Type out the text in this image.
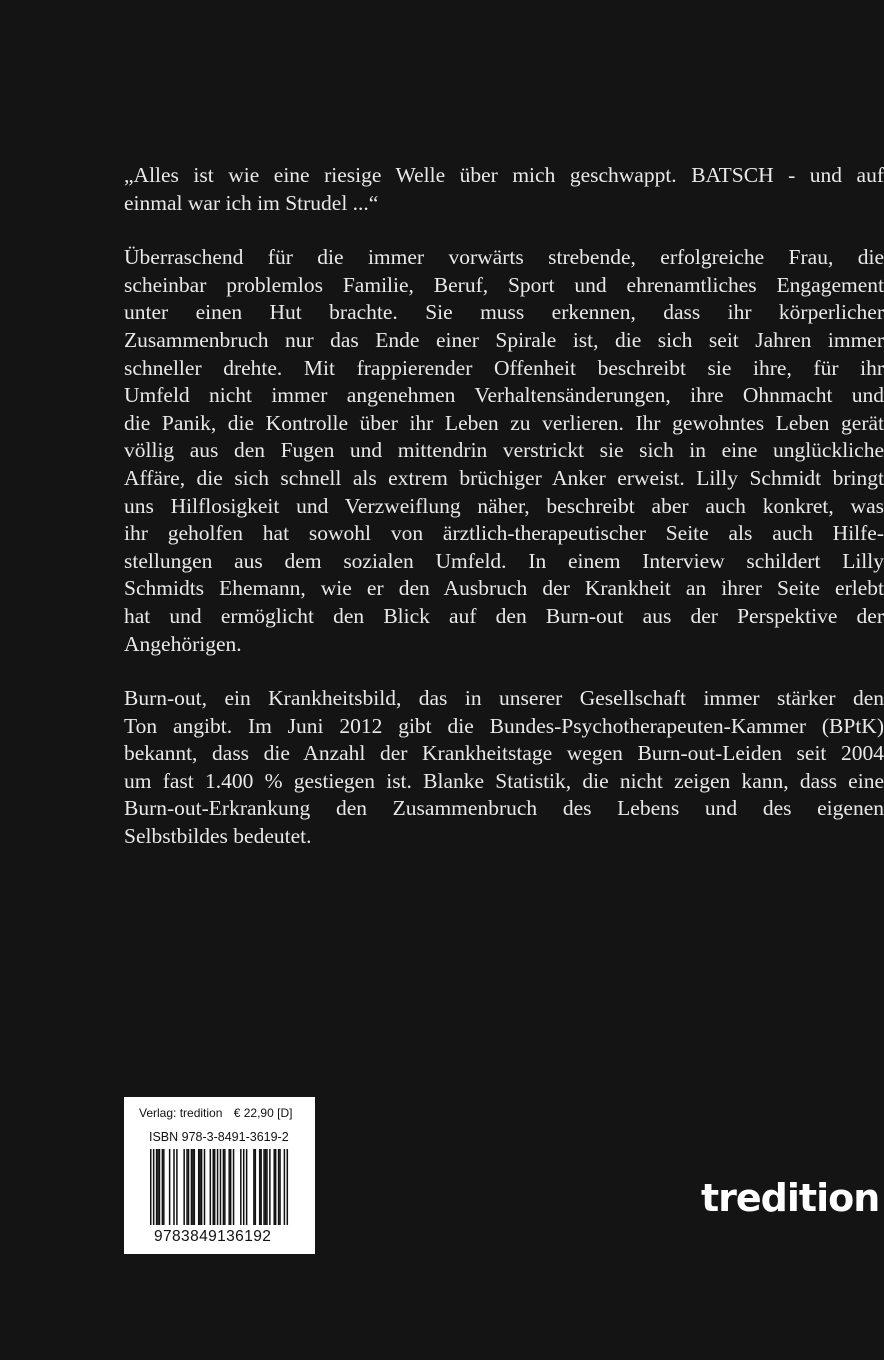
„Alles ist wie eine riesige Welle über mich geschwappt. BATSCH - und auf

einmal war ich im Strudel ...“

Überraschend für die immer vorwärts strebende, erfolgreiche Frau, die

scheinbar problemlos Familie, Beruf, Sport und ehrenamtliches Engagement

unter einen Hut brachte. Sie muss erkennen, dass ihr körperlicher

Zusammenbruch nur das Ende einer Spirale ist, die sich seit Jahren immer

schneller drehte. Mit frappierender Offenheit beschreibt sie ihre, für ihr

Umfeld nicht immer angenehmen Verhaltensänderungen, ihre Ohnmacht und

die Panik, die Kontrolle über ihr Leben zu verlieren. Ihr gewohntes Leben gerät

völlig aus den Fugen und mittendrin verstrickt sie sich in eine unglückliche

Affäre, die sich schnell als extrem brüchiger Anker erweist. Lilly Schmidt bringt

uns Hilflosigkeit und Verzweiflung näher, beschreibt aber auch konkret, was

ihr geholfen hat sowohl von ärztlich-therapeutischer Seite als auch Hilfe-

stellungen aus dem sozialen Umfeld. In einem Interview schildert Lilly

Schmidts Ehemann, wie er den Ausbruch der Krankheit an ihrer Seite erlebt

hat und ermöglicht den Blick auf den Burn-out aus der Perspektive der

Angehörigen.

Burn-out, ein Krankheitsbild, das in unserer Gesellschaft immer stärker den

Ton angibt. Im Juni 2012 gibt die Bundes-Psychotherapeuten-Kammer (BPtK)

bekannt, dass die Anzahl der Krankheitstage wegen Burn-out-Leiden seit 2004

um fast 1.400 % gestiegen ist. Blanke Statistik, die nicht zeigen kann, dass eine

Burn-out-Erkrankung den Zusammenbruch des Lebens und des eigenen

Selbstbildes bedeutet.

Verlag: tredition € 22,90 [D]
ISBN 978-3-8491-3619-2
9783849136192
tredition
